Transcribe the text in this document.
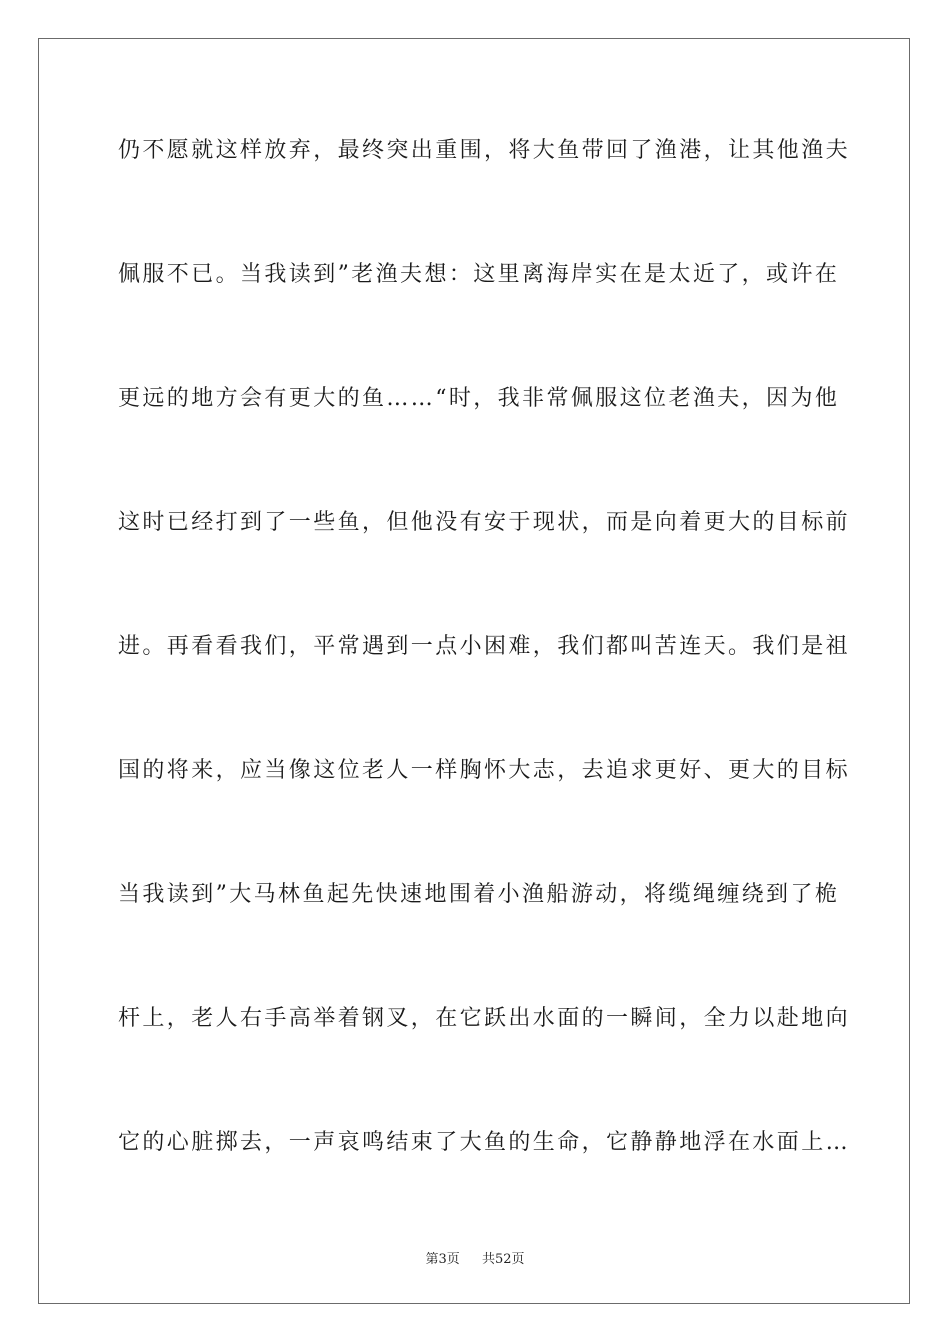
仍不愿就这样放弃，最终突出重围，将大鱼带回了渔港，让其他渔夫

佩服不已。当我读到”老渔夫想：这里离海岸实在是太近了，或许在

更远的地方会有更大的鱼……“时，我非常佩服这位老渔夫，因为他

这时已经打到了一些鱼，但他没有安于现状，而是向着更大的目标前

进。再看看我们，平常遇到一点小困难，我们都叫苦连天。我们是祖

国的将来，应当像这位老人一样胸怀大志，去追求更好、更大的目标

当我读到”大马林鱼起先快速地围着小渔船游动，将缆绳缠绕到了桅

杆上，老人右手高举着钢叉，在它跃出水面的一瞬间，全力以赴地向

它的心脏掷去，一声哀鸣结束了大鱼的生命，它静静地浮在水面上…

第3页 共52页
